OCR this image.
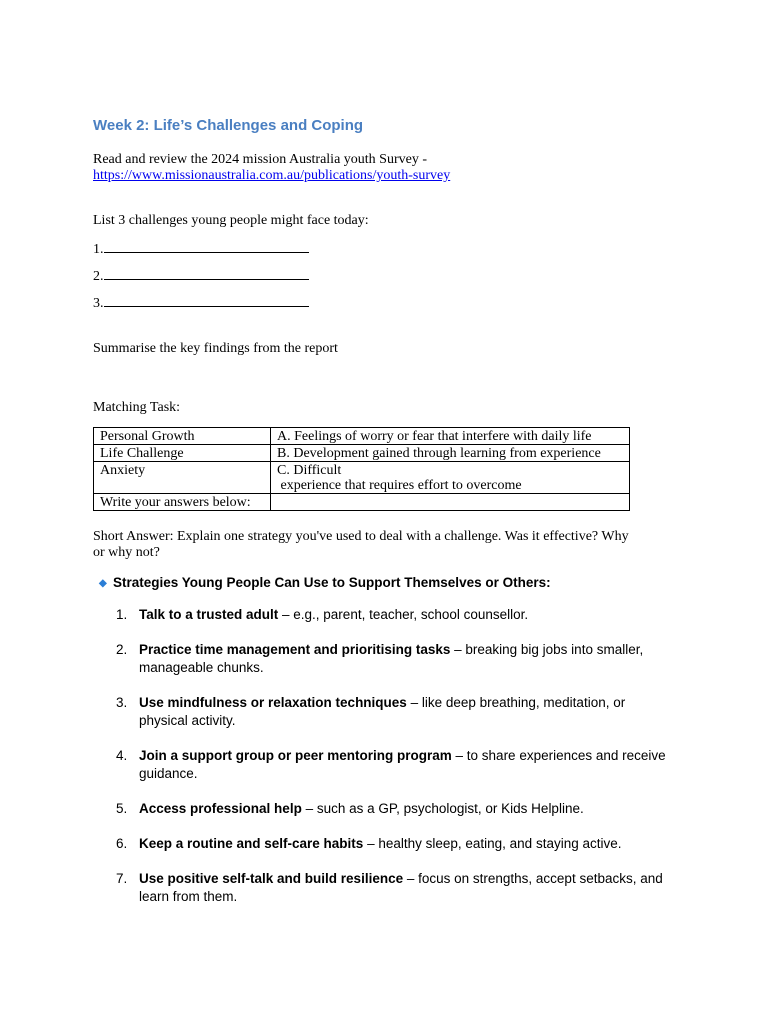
Week 2: Life’s Challenges and Coping
Read and review the 2024 mission Australia youth Survey -
https://www.missionaustralia.com.au/publications/youth-survey
List 3 challenges young people might face today:
1.
2.
3.
Summarise the key findings from the report
Matching Task:
Personal Growth	A. Feelings of worry or fear that interfere with daily life
Life Challenge	B. Development gained through learning from experience
Anxiety	C. Difficult
experience that requires effort to overcome

Write your answers below:	
Short Answer: Explain one strategy you've used to deal with a challenge. Was it effective? Why
or why not?
◆ Strategies Young People Can Use to Support Themselves or Others:
1. Talk to a trusted adult – e.g., parent, teacher, school counsellor.
2. Practice time management and prioritising tasks – breaking big jobs into smaller, manageable chunks.
3. Use mindfulness or relaxation techniques – like deep breathing, meditation, or physical activity.
4. Join a support group or peer mentoring program – to share experiences and receive guidance.
5. Access professional help – such as a GP, psychologist, or Kids Helpline.
6. Keep a routine and self-care habits – healthy sleep, eating, and staying active.
7. Use positive self-talk and build resilience – focus on strengths, accept setbacks, and learn from them.
